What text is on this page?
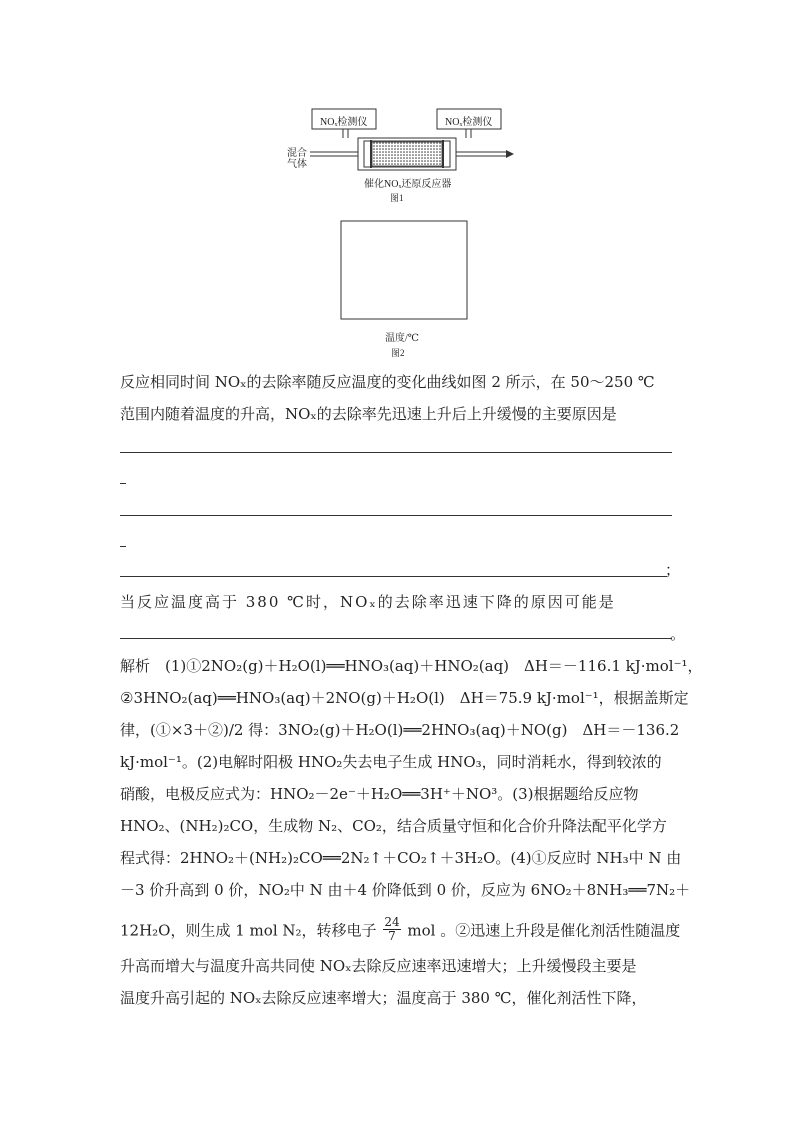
NOₓ检测仪	NOₓ检测仪
混合
气体
催化NOₓ还原反应器
图1
温度/℃
图2
反应相同时间 NOₓ的去除率随反应温度的变化曲线如图 2 所示，在 50～250 ℃
范围内随着温度的升高，NOₓ的去除率先迅速上升后上升缓慢的主要原因是
；
当反应温度高于 380 ℃时，NOₓ的去除率迅速下降的原因可能是
。
解析　(1)①2NO₂(g)＋H₂O(l)══HNO₃(aq)＋HNO₂(aq)　ΔH＝－116.1 kJ·mol⁻¹，
②3HNO₂(aq)══HNO₃(aq)＋2NO(g)＋H₂O(l)　ΔH＝75.9 kJ·mol⁻¹，根据盖斯定
律，(①×3＋②)/2 得：3NO₂(g)＋H₂O(l)══2HNO₃(aq)＋NO(g)　ΔH＝－136.2
kJ·mol⁻¹。(2)电解时阳极 HNO₂失去电子生成 HNO₃，同时消耗水，得到较浓的
硝酸，电极反应式为：HNO₂－2e⁻＋H₂O══3H⁺＋NO³。(3)根据题给反应物
HNO₂、(NH₂)₂CO，生成物 N₂、CO₂，结合质量守恒和化合价升降法配平化学方
程式得：2HNO₂＋(NH₂)₂CO══2N₂↑＋CO₂↑＋3H₂O。(4)①反应时 NH₃中 N 由
－3 价升高到 0 价，NO₂中 N 由＋4 价降低到 0 价，反应为 6NO₂＋8NH₃══7N₂＋
12H₂O，则生成 1 mol N₂，转移电子 $\frac{24}{7}$ mol 。②迅速上升段是催化剂活性随温度
升高而增大与温度升高共同使 NOₓ去除反应速率迅速增大；上升缓慢段主要是
温度升高引起的 NOₓ去除反应速率增大；温度高于 380 ℃，催化剂活性下降，
